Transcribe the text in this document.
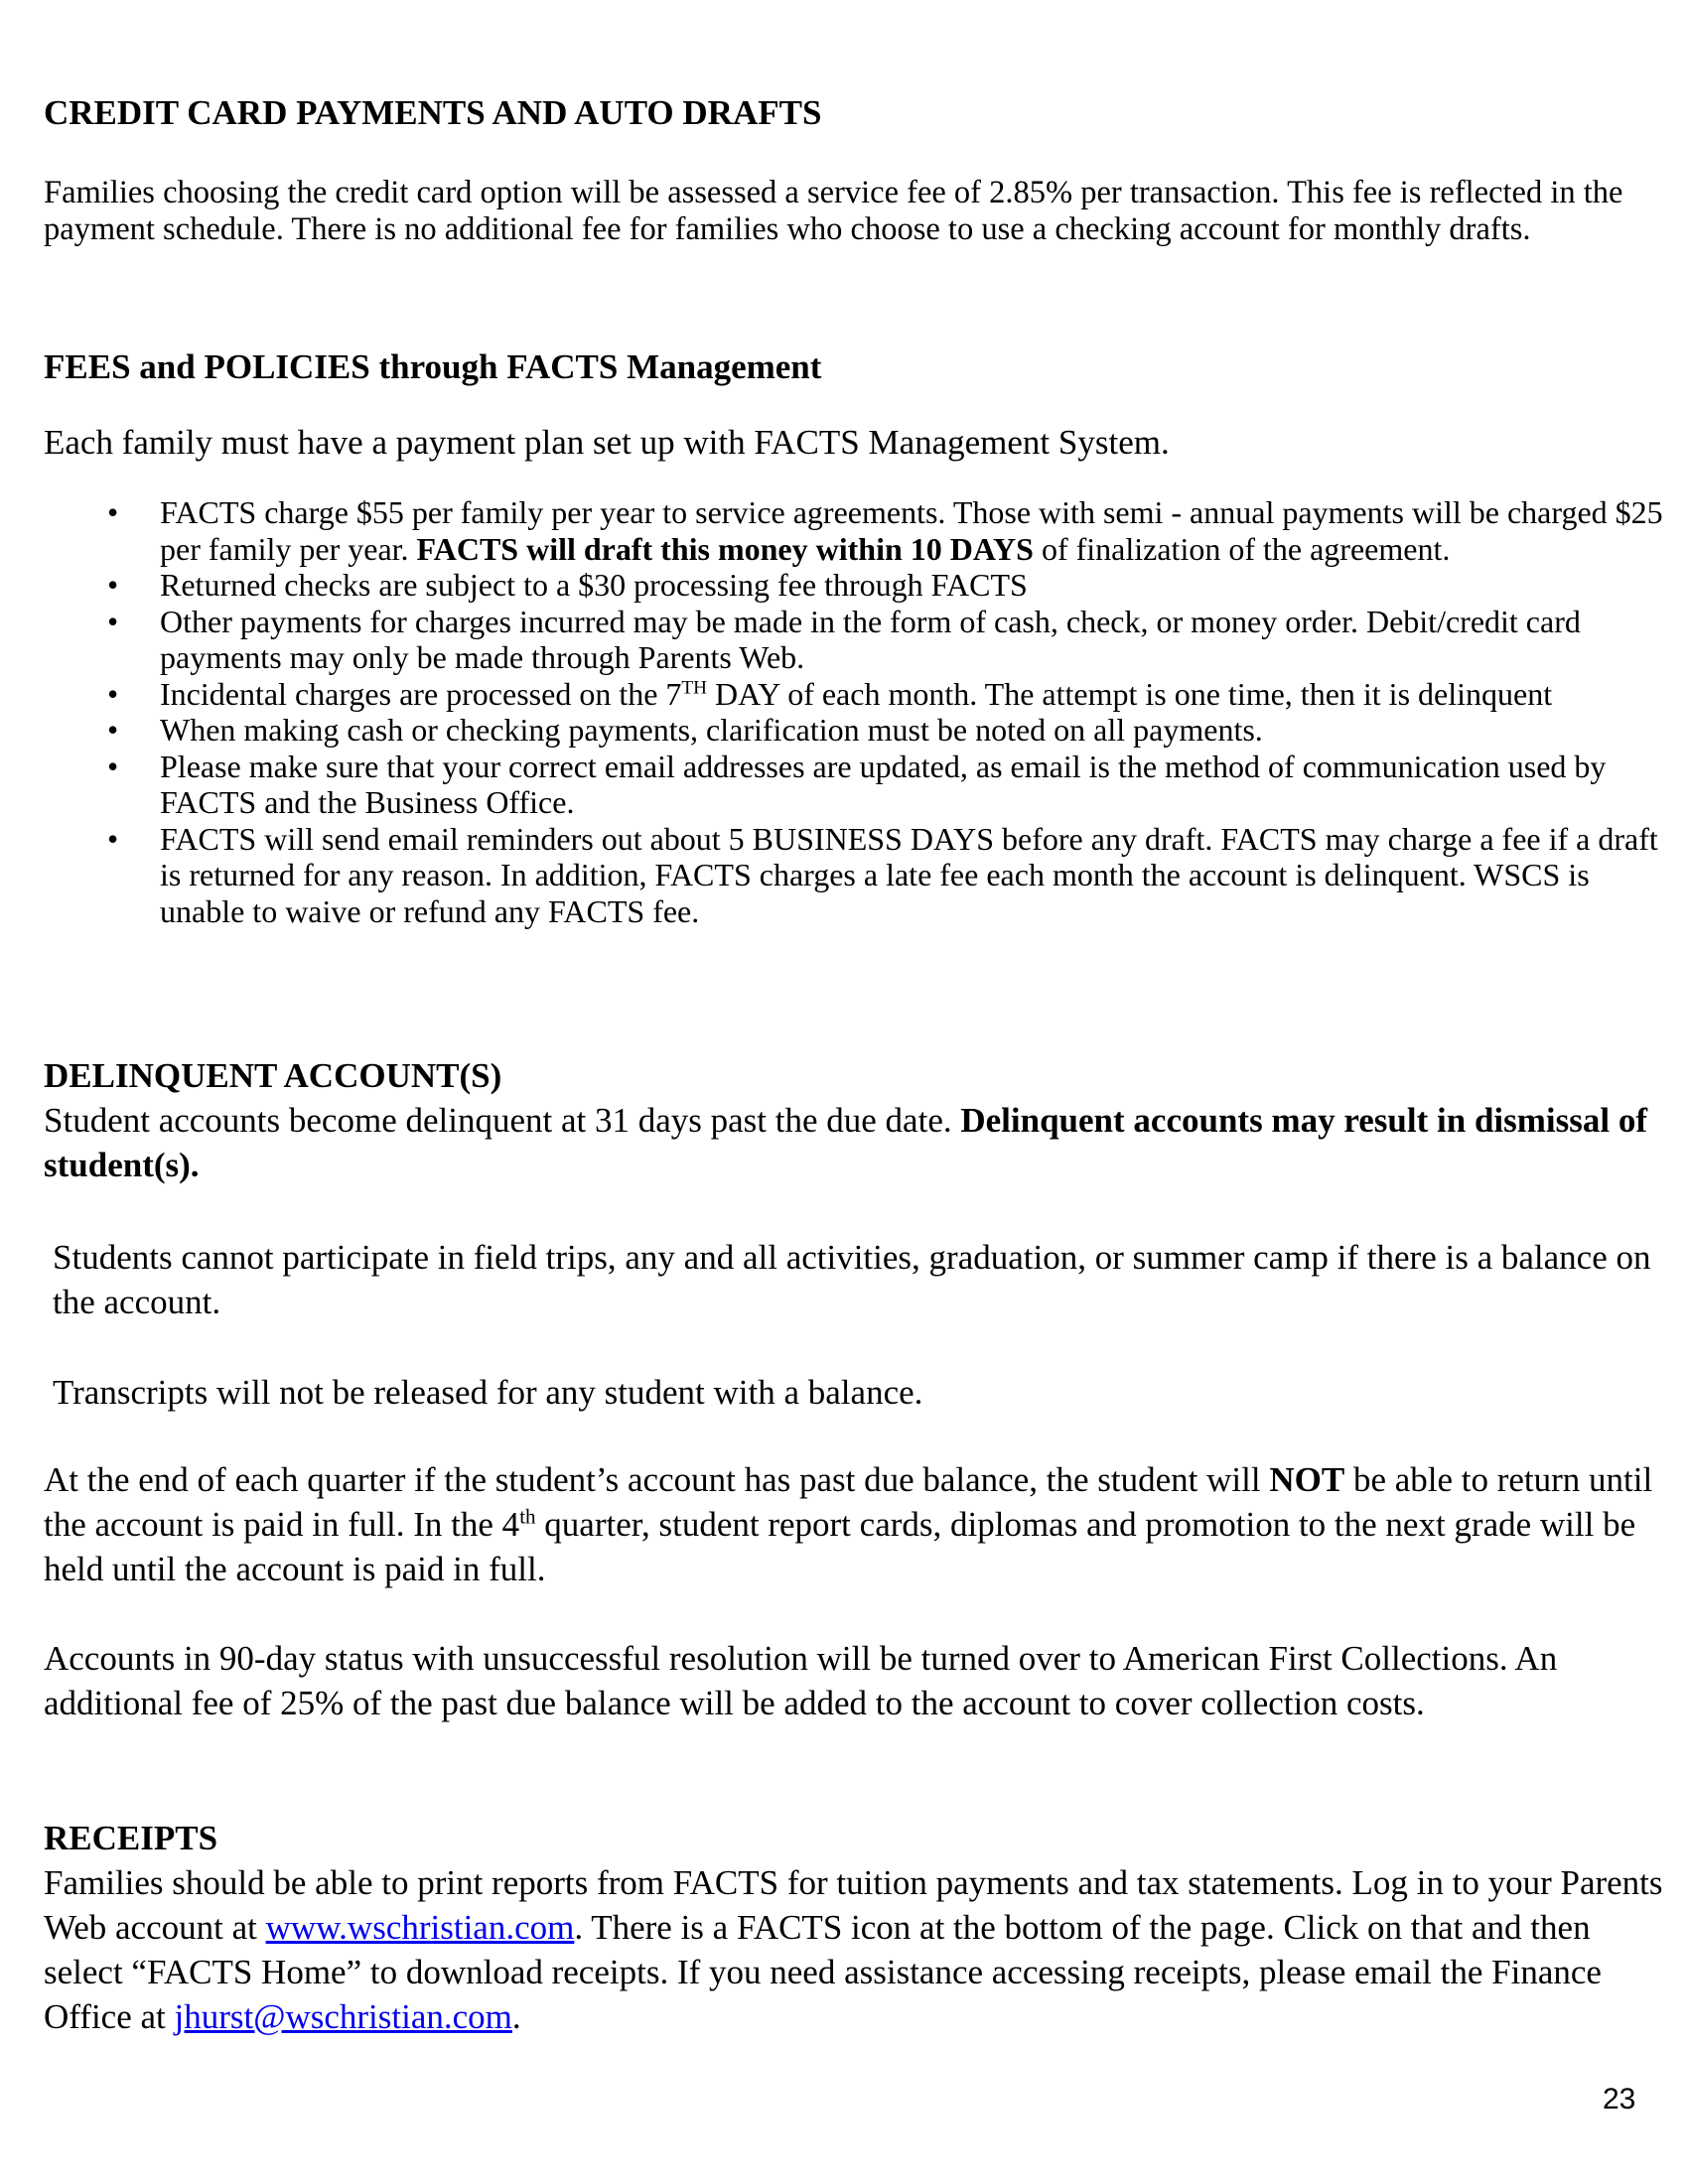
CREDIT CARD PAYMENTS AND AUTO DRAFTS
Families choosing the credit card option will be assessed a service fee of 2.85% per transaction. This fee is reflected in the payment schedule. There is no additional fee for families who choose to use a checking account for monthly drafts.
FEES and POLICIES through FACTS Management
Each family must have a payment plan set up with FACTS Management System.
• FACTS charge $55 per family per year to service agreements. Those with semi - annual payments will be charged $25 per family per year. FACTS will draft this money within 10 DAYS of finalization of the agreement.
• Returned checks are subject to a $30 processing fee through FACTS
• Other payments for charges incurred may be made in the form of cash, check, or money order. Debit/credit card payments may only be made through Parents Web.
• Incidental charges are processed on the 7TH DAY of each month. The attempt is one time, then it is delinquent
• When making cash or checking payments, clarification must be noted on all payments.
• Please make sure that your correct email addresses are updated, as email is the method of communication used by FACTS and the Business Office.
• FACTS will send email reminders out about 5 BUSINESS DAYS before any draft. FACTS may charge a fee if a draft is returned for any reason. In addition, FACTS charges a late fee each month the account is delinquent. WSCS is unable to waive or refund any FACTS fee.
DELINQUENT ACCOUNT(S)
Student accounts become delinquent at 31 days past the due date. Delinquent accounts may result in dismissal of student(s).
Students cannot participate in field trips, any and all activities, graduation, or summer camp if there is a balance on the account.
Transcripts will not be released for any student with a balance.
At the end of each quarter if the student’s account has past due balance, the student will NOT be able to return until the account is paid in full. In the 4th quarter, student report cards, diplomas and promotion to the next grade will be held until the account is paid in full.
Accounts in 90-day status with unsuccessful resolution will be turned over to American First Collections. An additional fee of 25% of the past due balance will be added to the account to cover collection costs.
RECEIPTS
Families should be able to print reports from FACTS for tuition payments and tax statements. Log in to your Parents Web account at www.wschristian.com. There is a FACTS icon at the bottom of the page. Click on that and then select “FACTS Home” to download receipts. If you need assistance accessing receipts, please email the Finance Office at jhurst@wschristian.com.
23
